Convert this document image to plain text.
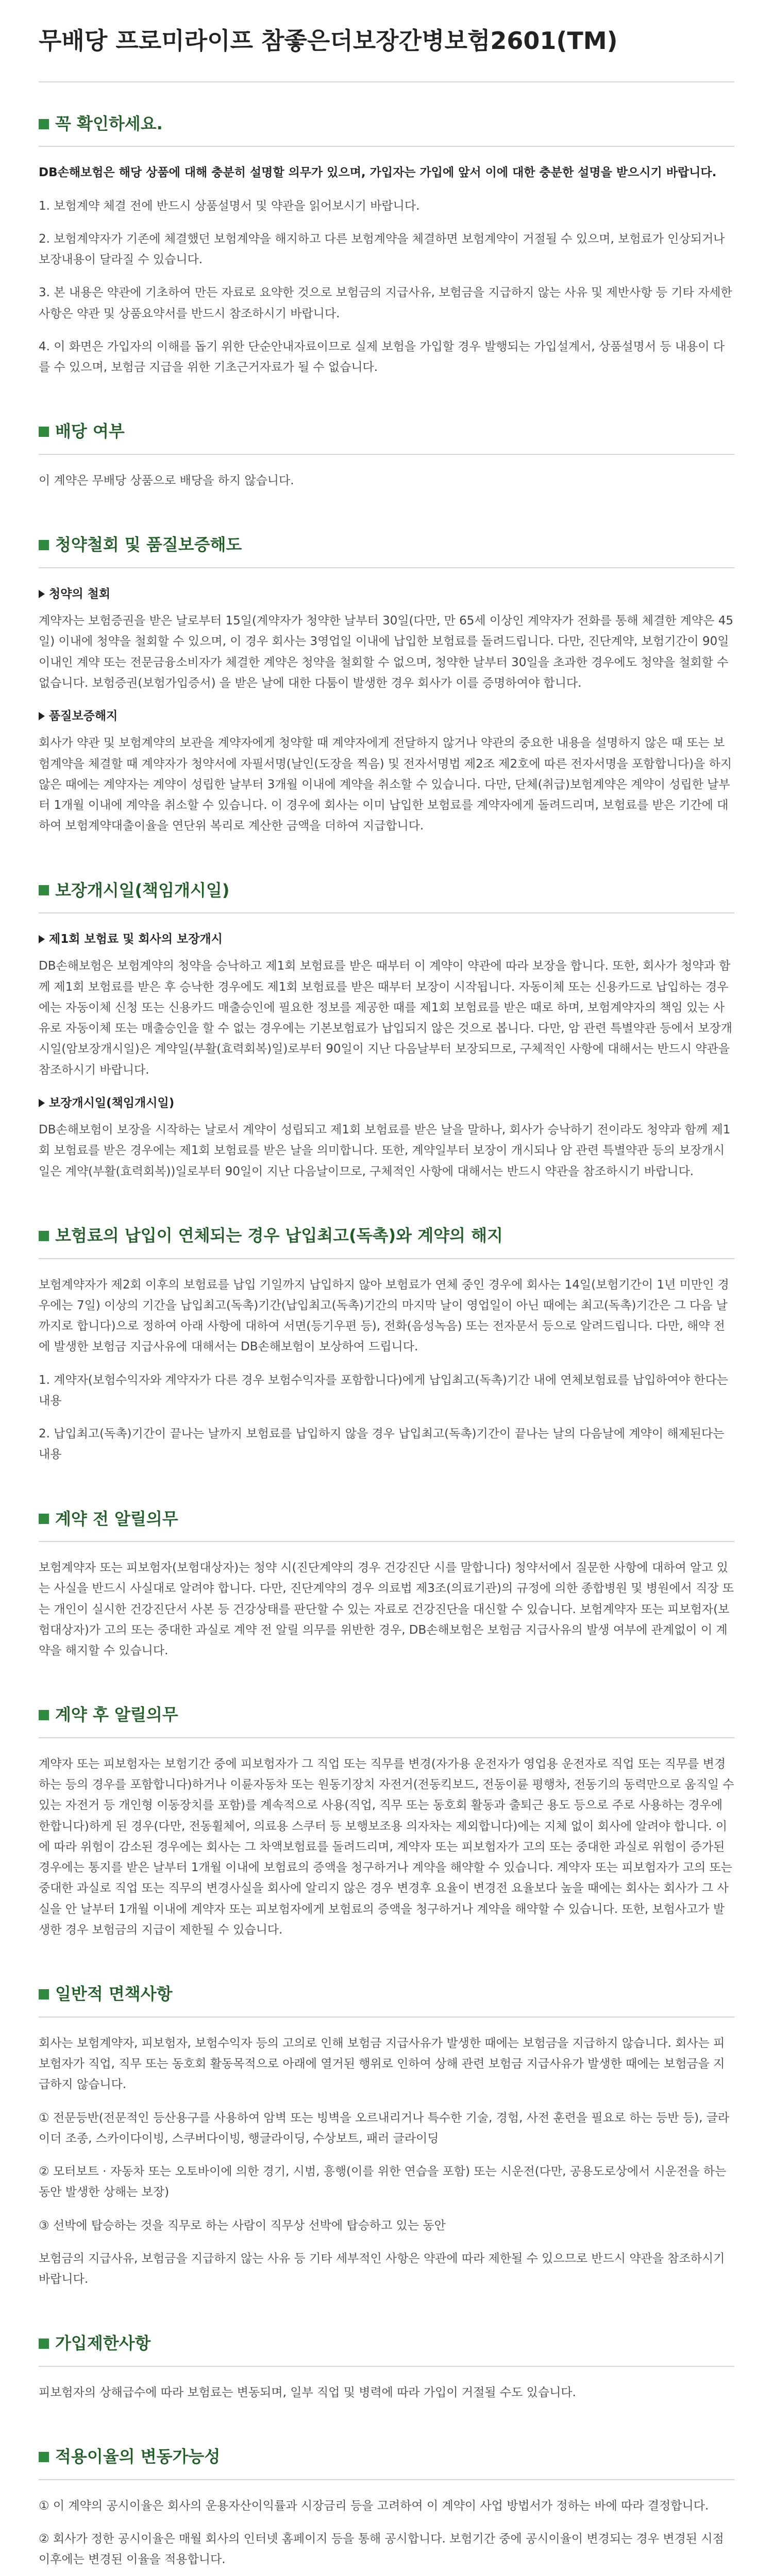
무배당 프로미라이프 참좋은더보장간병보험2601(TM)
꼭 확인하세요.

DB손해보험은 해당 상품에 대해 충분히 설명할 의무가 있으며, 가입자는 가입에 앞서 이에 대한 충분한 설명을 받으시기 바랍니다.

1. 보험계약 체결 전에 반드시 상품설명서 및 약관을 읽어보시기 바랍니다.

2. 보험계약자가 기존에 체결했던 보험계약을 해지하고 다른 보험계약을 체결하면 보험계약이 거절될 수 있으며, 보험료가 인상되거나 보장내용이 달라질 수 있습니다.

3. 본 내용은 약관에 기초하여 만든 자료로 요약한 것으로 보험금의 지급사유, 보험금을 지급하지 않는 사유 및 제반사항 등 기타 자세한 사항은 약관 및 상품요약서를 반드시 참조하시기 바랍니다.

4. 이 화면은 가입자의 이해를 돕기 위한 단순안내자료이므로 실제 보험을 가입할 경우 발행되는 가입설계서, 상품설명서 등 내용이 다를 수 있으며, 보험금 지급을 위한 기초근거자료가 될 수 없습니다.

배당 여부

이 계약은 무배당 상품으로 배당을 하지 않습니다.

청약철회 및 품질보증해도
청약의 철회

계약자는 보험증권을 받은 날로부터 15일(계약자가 청약한 날부터 30일(다만, 만 65세 이상인 계약자가 전화를 통해 체결한 계약은 45일) 이내에 청약을 철회할 수 있으며, 이 경우 회사는 3영업일 이내에 납입한 보험료를 돌려드립니다. 다만, 진단계약, 보험기간이 90일 이내인 계약 또는 전문금융소비자가 체결한 계약은 청약을 철회할 수 없으며, 청약한 날부터 30일을 초과한 경우에도 청약을 철회할 수 없습니다. 보험증권(보험가입증서) 을 받은 날에 대한 다툼이 발생한 경우 회사가 이를 증명하여야 합니다.

품질보증해지

회사가 약관 및 보험계약의 보관을 계약자에게 청약할 때 계약자에게 전달하지 않거나 약관의 중요한 내용을 설명하지 않은 때 또는 보험계약을 체결할 때 계약자가 청약서에 자필서명(날인(도장을 찍음) 및 전자서명법 제2조 제2호에 따른 전자서명을 포함합니다)을 하지 않은 때에는 계약자는 계약이 성립한 날부터 3개월 이내에 계약을 취소할 수 있습니다. 다만, 단체(취급)보험계약은 계약이 성립한 날부터 1개월 이내에 계약을 취소할 수 있습니다. 이 경우에 회사는 이미 납입한 보험료를 계약자에게 돌려드리며, 보험료를 받은 기간에 대하여 보험계약대출이율을 연단위 복리로 계산한 금액을 더하여 지급합니다.

보장개시일(책임개시일)
제1회 보험료 및 회사의 보장개시

DB손해보험은 보험계약의 청약을 승낙하고 제1회 보험료를 받은 때부터 이 계약이 약관에 따라 보장을 합니다. 또한, 회사가 청약과 함께 제1회 보험료를 받은 후 승낙한 경우에도 제1회 보험료를 받은 때부터 보장이 시작됩니다. 자동이체 또는 신용카드로 납입하는 경우에는 자동이체 신청 또는 신용카드 매출승인에 필요한 정보를 제공한 때를 제1회 보험료를 받은 때로 하며, 보험계약자의 책임 있는 사유로 자동이체 또는 매출승인을 할 수 없는 경우에는 기본보험료가 납입되지 않은 것으로 봅니다. 다만, 암 관련 특별약관 등에서 보장개시일(암보장개시일)은 계약일(부활(효력회복)일)로부터 90일이 지난 다음날부터 보장되므로, 구체적인 사항에 대해서는 반드시 약관을 참조하시기 바랍니다.

보장개시일(책임개시일)

DB손해보험이 보장을 시작하는 날로서 계약이 성립되고 제1회 보험료를 받은 날을 말하나, 회사가 승낙하기 전이라도 청약과 함께 제1회 보험료를 받은 경우에는 제1회 보험료를 받은 날을 의미합니다. 또한, 계약일부터 보장이 개시되나 암 관련 특별약관 등의 보장개시일은 계약(부활(효력회복))일로부터 90일이 지난 다음날이므로, 구체적인 사항에 대해서는 반드시 약관을 참조하시기 바랍니다.

보험료의 납입이 연체되는 경우 납입최고(독촉)와 계약의 해지

보험계약자가 제2회 이후의 보험료를 납입 기일까지 납입하지 않아 보험료가 연체 중인 경우에 회사는 14일(보험기간이 1년 미만인 경우에는 7일) 이상의 기간을 납입최고(독촉)기간(납입최고(독촉)기간의 마지막 날이 영업일이 아닌 때에는 최고(독촉)기간은 그 다음 날까지로 합니다)으로 정하여 아래 사항에 대하여 서면(등기우편 등), 전화(음성녹음) 또는 전자문서 등으로 알려드립니다. 다만, 해약 전에 발생한 보험금 지급사유에 대해서는 DB손해보험이 보상하여 드립니다.

1. 계약자(보험수익자와 계약자가 다른 경우 보험수익자를 포함합니다)에게 납입최고(독촉)기간 내에 연체보험료를 납입하여야 한다는 내용

2. 납입최고(독촉)기간이 끝나는 날까지 보험료를 납입하지 않을 경우 납입최고(독촉)기간이 끝나는 날의 다음날에 계약이 해제된다는 내용

계약 전 알릴의무

보험계약자 또는 피보험자(보험대상자)는 청약 시(진단계약의 경우 건강진단 시를 말합니다) 청약서에서 질문한 사항에 대하여 알고 있는 사실을 반드시 사실대로 알려야 합니다. 다만, 진단계약의 경우 의료법 제3조(의료기관)의 규정에 의한 종합병원 및 병원에서 직장 또는 개인이 실시한 건강진단서 사본 등 건강상태를 판단할 수 있는 자료로 건강진단을 대신할 수 있습니다. 보험계약자 또는 피보험자(보험대상자)가 고의 또는 중대한 과실로 계약 전 알릴 의무를 위반한 경우, DB손해보험은 보험금 지급사유의 발생 여부에 관계없이 이 계약을 해지할 수 있습니다.

계약 후 알릴의무

계약자 또는 피보험자는 보험기간 중에 피보험자가 그 직업 또는 직무를 변경(자가용 운전자가 영업용 운전자로 직업 또는 직무를 변경하는 등의 경우를 포함합니다)하거나 이륜자동차 또는 원동기장치 자전거(전동킥보드, 전동이륜 평행차, 전동기의 동력만으로 움직일 수 있는 자전거 등 개인형 이동장치를 포함)를 계속적으로 사용(직업, 직무 또는 동호회 활동과 출퇴근 용도 등으로 주로 사용하는 경우에 한합니다)하게 된 경우(다만, 전동휠체어, 의료용 스쿠터 등 보행보조용 의자차는 제외합니다)에는 지체 없이 회사에 알려야 합니다. 이에 따라 위험이 감소된 경우에는 회사는 그 차액보험료를 돌려드리며, 계약자 또는 피보험자가 고의 또는 중대한 과실로 위험이 증가된 경우에는 통지를 받은 날부터 1개월 이내에 보험료의 증액을 청구하거나 계약을 해약할 수 있습니다. 계약자 또는 피보험자가 고의 또는 중대한 과실로 직업 또는 직무의 변경사실을 회사에 알리지 않은 경우 변경후 요율이 변경전 요율보다 높을 때에는 회사는 회사가 그 사실을 안 날부터 1개월 이내에 계약자 또는 피보험자에게 보험료의 증액을 청구하거나 계약을 해약할 수 있습니다. 또한, 보험사고가 발생한 경우 보험금의 지급이 제한될 수 있습니다.

일반적 면책사항

회사는 보험계약자, 피보험자, 보험수익자 등의 고의로 인해 보험금 지급사유가 발생한 때에는 보험금을 지급하지 않습니다. 회사는 피보험자가 직업, 직무 또는 동호회 활동목적으로 아래에 열거된 행위로 인하여 상해 관련 보험금 지급사유가 발생한 때에는 보험금을 지급하지 않습니다.

① 전문등반(전문적인 등산용구를 사용하여 암벽 또는 빙벽을 오르내리거나 특수한 기술, 경험, 사전 훈련을 필요로 하는 등반 등), 글라이더 조종, 스카이다이빙, 스쿠버다이빙, 행글라이딩, 수상보트, 패러 글라이딩

② 모터보트 · 자동차 또는 오토바이에 의한 경기, 시범, 흥행(이를 위한 연습을 포함) 또는 시운전(다만, 공용도로상에서 시운전을 하는 동안 발생한 상해는 보장)

③ 선박에 탑승하는 것을 직무로 하는 사람이 직무상 선박에 탑승하고 있는 동안

보험금의 지급사유, 보험금을 지급하지 않는 사유 등 기타 세부적인 사항은 약관에 따라 제한될 수 있으므로 반드시 약관을 참조하시기 바랍니다.

가입제한사항

피보험자의 상해급수에 따라 보험료는 변동되며, 일부 직업 및 병력에 따라 가입이 거절될 수도 있습니다.

적용이율의 변동가능성

① 이 계약의 공시이율은 회사의 운용자산이익률과 시장금리 등을 고려하여 이 계약이 사업 방법서가 정하는 바에 따라 결정합니다.

② 회사가 정한 공시이율은 매월 회사의 인터넷 홈페이지 등을 통해 공시합니다. 보험기간 중에 공시이율이 변경되는 경우 변경된 시점 이후에는 변경된 이율을 적용합니다.
